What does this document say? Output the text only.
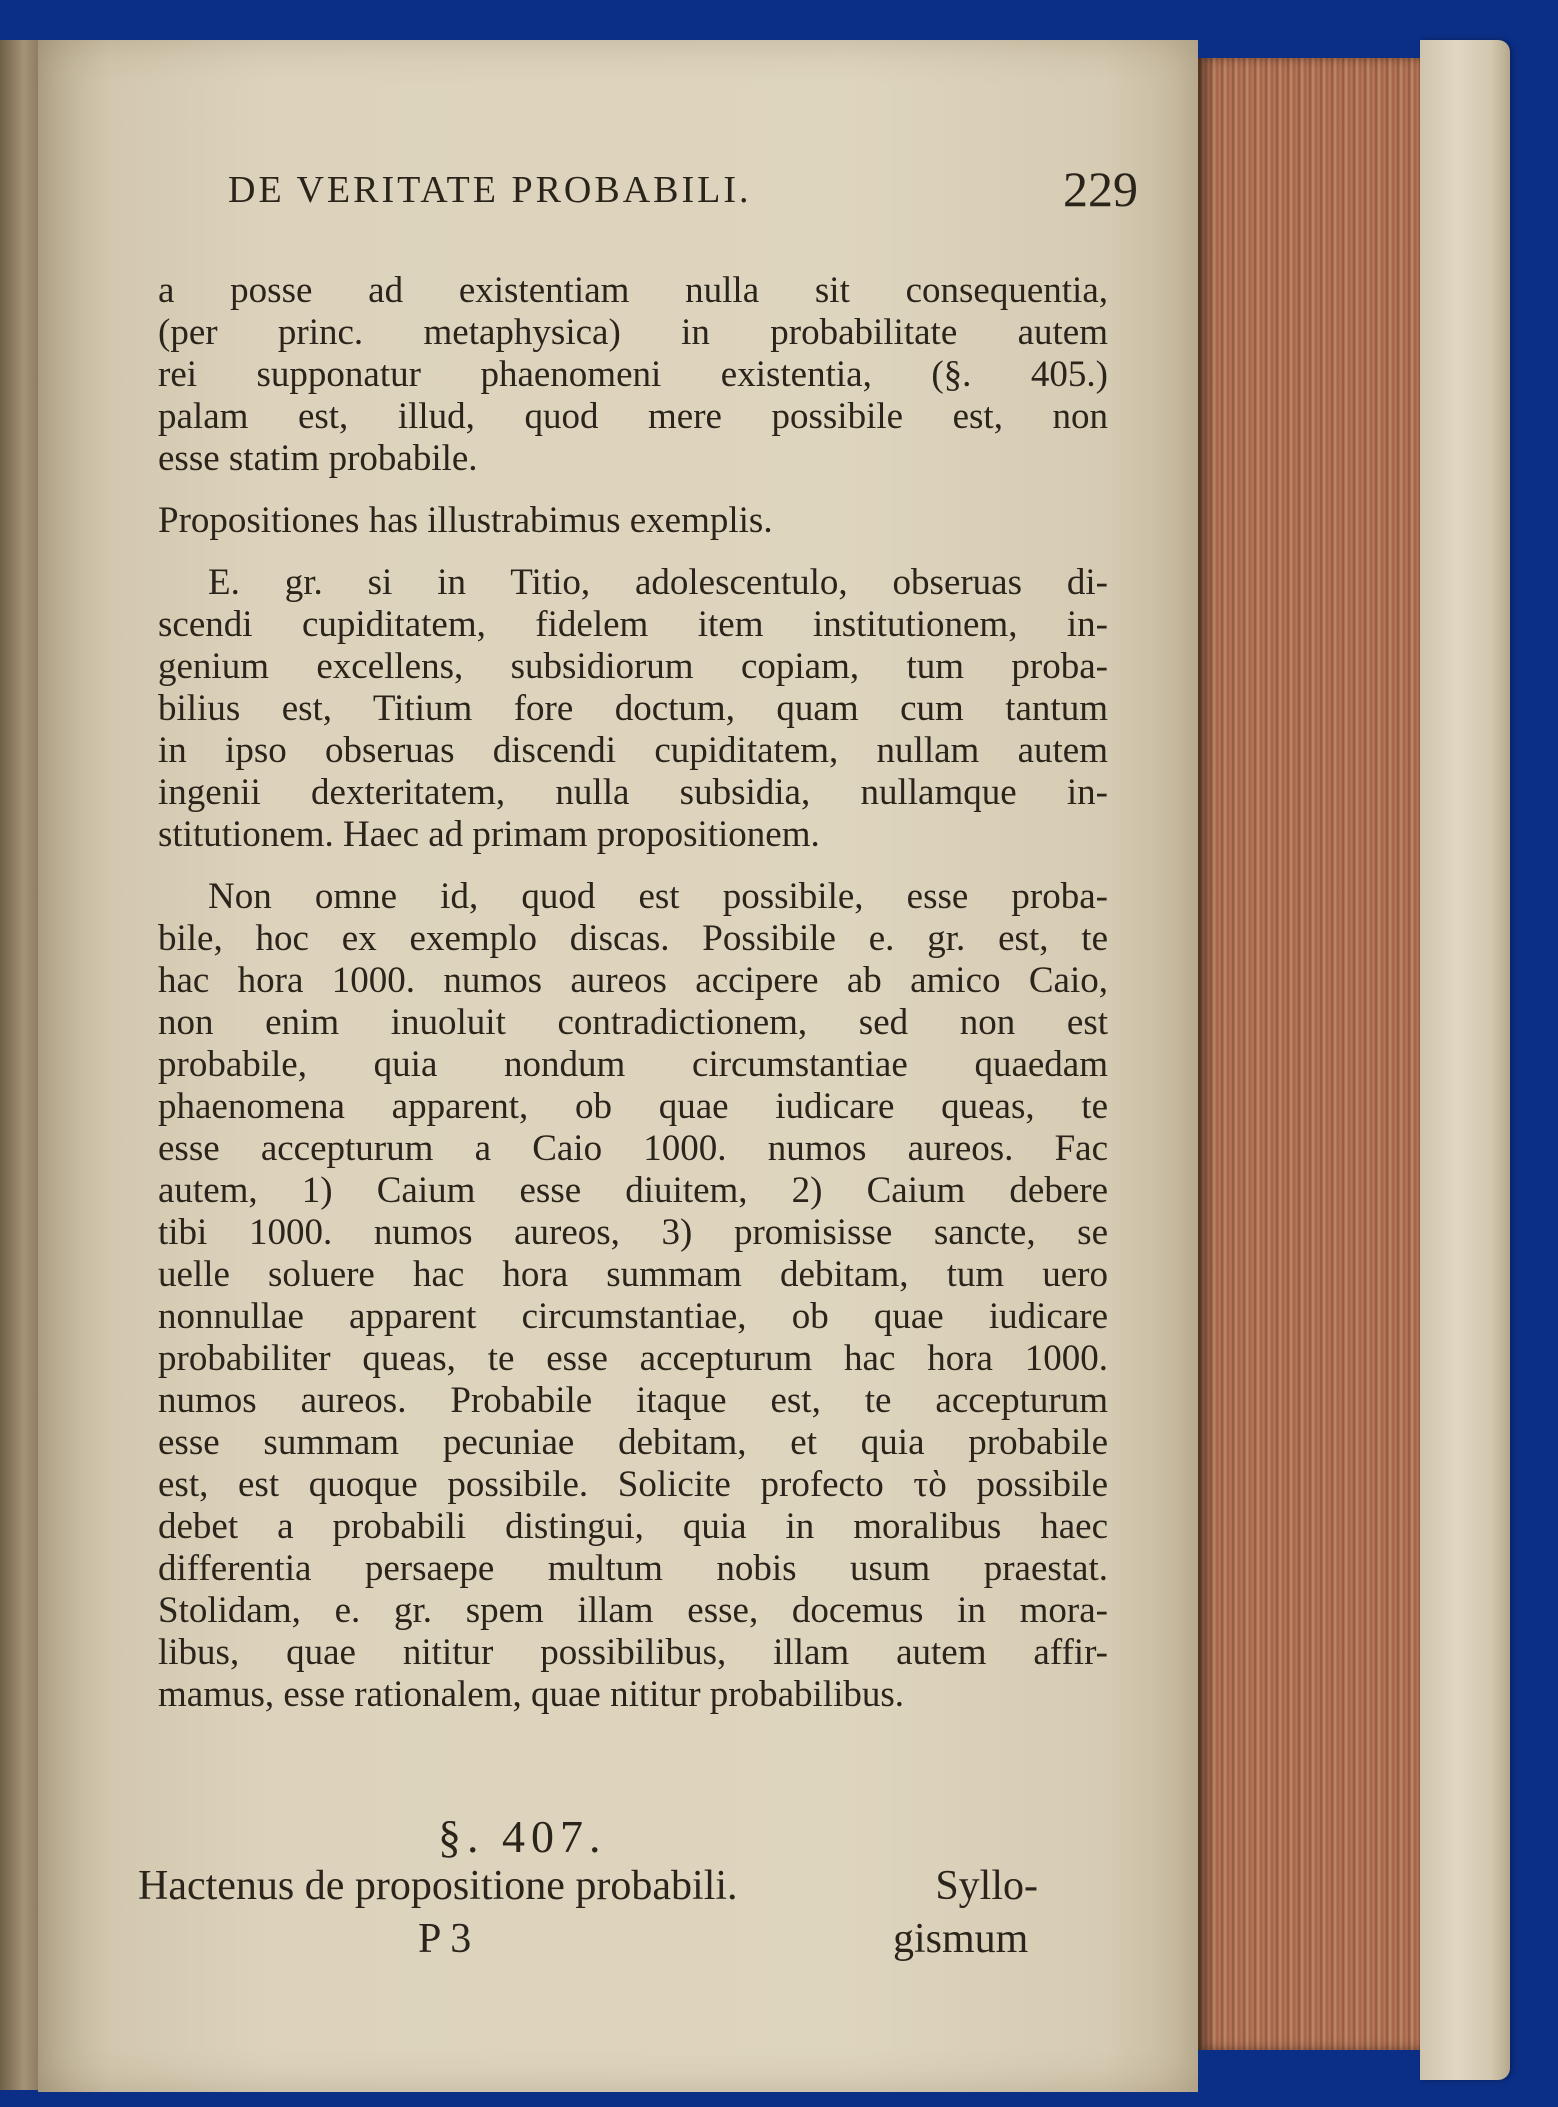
DE VERITATE PROBABILI.	229
a posse ad existentiam nulla sit consequentia,
(per princ. metaphysica) in probabilitate autem
rei supponatur phaenomeni existentia, (§. 405.)
palam est, illud, quod mere possibile est, non
esse statim probabile.
Propositiones has illustrabimus exemplis.
E. gr. si in Titio, adolescentulo, obseruas di-
scendi cupiditatem, fidelem item institutionem, in-
genium excellens, subsidiorum copiam, tum proba-
bilius est, Titium fore doctum, quam cum tantum
in ipso obseruas discendi cupiditatem, nullam autem
ingenii dexteritatem, nulla subsidia, nullamque in-
stitutionem. Haec ad primam propositionem.
Non omne id, quod est possibile, esse proba-
bile, hoc ex exemplo discas. Possibile e. gr. est, te
hac hora 1000. numos aureos accipere ab amico Caio,
non enim inuoluit contradictionem, sed non est
probabile, quia nondum circumstantiae quaedam
phaenomena apparent, ob quae iudicare queas, te
esse accepturum a Caio 1000. numos aureos. Fac
autem, 1) Caium esse diuitem, 2) Caium debere
tibi 1000. numos aureos, 3) promisisse sancte, se
uelle soluere hac hora summam debitam, tum uero
nonnullae apparent circumstantiae, ob quae iudicare
probabiliter queas, te esse accepturum hac hora 1000.
numos aureos. Probabile itaque est, te accepturum
esse summam pecuniae debitam, et quia probabile
est, est quoque possibile. Solicite profecto τὸ possibile
debet a probabili distingui, quia in moralibus haec
differentia persaepe multum nobis usum praestat.
Stolidam, e. gr. spem illam esse, docemus in mora-
libus, quae nititur possibilibus, illam autem affir-
mamus, esse rationalem, quae nititur probabilibus.
§. 407.
Hactenus de propositione probabili.	Syllo-
P 3	gismum
